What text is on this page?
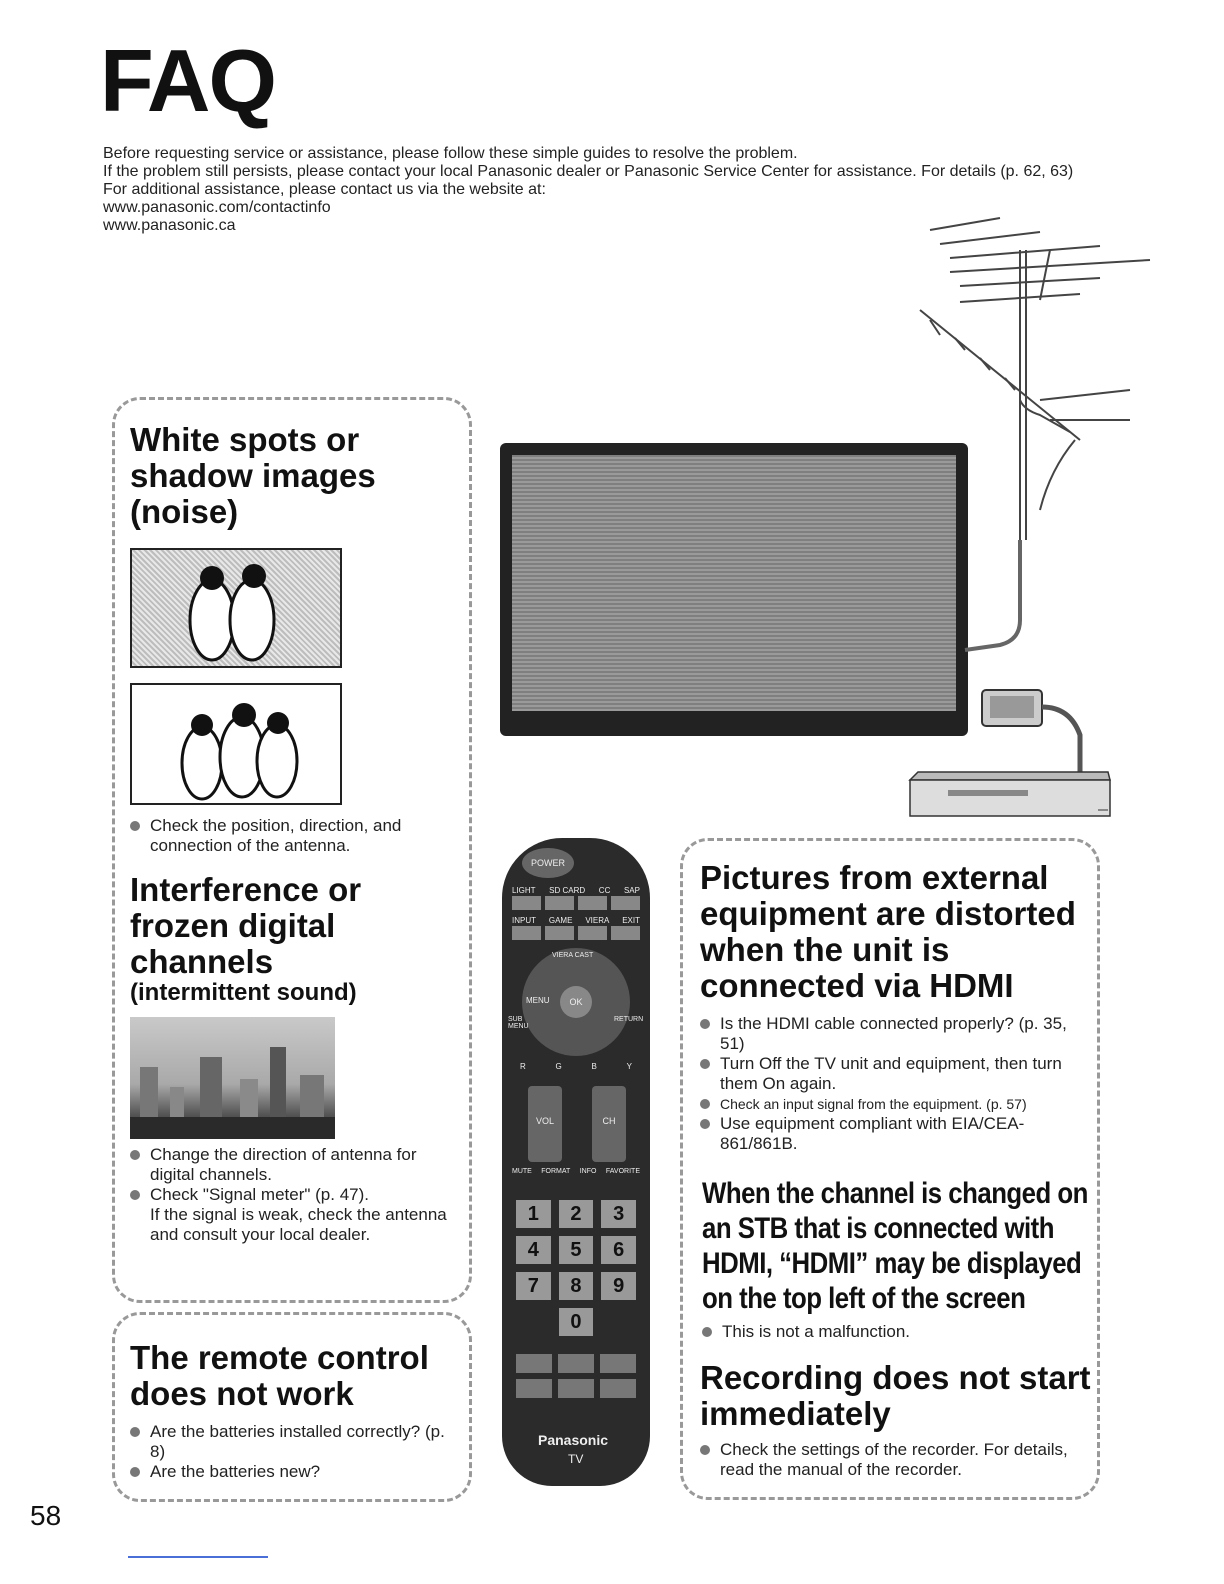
FAQ
Before requesting service or assistance, please follow these simple guides to resolve the problem.
If the problem still persists, please contact your local Panasonic dealer or Panasonic Service Center for assistance. For details (p. 62, 63)
For additional assistance, please contact us via the website at:
www.panasonic.com/contactinfo
www.panasonic.ca
White spots or shadow images (noise)
Check the position, direction, and connection of the antenna.
Interference or frozen digital channels
(intermittent sound)
Change the direction of antenna for digital channels.
Check "Signal meter" (p. 47).
If the signal is weak, check the antenna and consult your local dealer.
The remote control does not work
Are the batteries installed correctly? (p. 8)
Are the batteries new?
POWER
LIGHT SD CARD CC SAP
INPUT GAME VIERA EXIT
OK
MENU
VIERA CAST
SUB MENU
RETURN
R	G	B	Y
VOL	CH
MUTE FORMAT INFO FAVORITE
1	2	3
4	5	6
7	8	9
0
Panasonic
TV
Pictures from external equipment are distorted when the unit is connected via HDMI
Is the HDMI cable connected properly? (p. 35, 51)
Turn Off the TV unit and equipment, then turn them On again.
Check an input signal from the equipment. (p. 57)
Use equipment compliant with EIA/CEA-861/861B.
When the channel is changed on an STB that is connected with HDMI, “HDMI” may be displayed on the top left of the screen
This is not a malfunction.
Recording does not start immediately
Check the settings of the recorder. For details, read the manual of the recorder.
58
